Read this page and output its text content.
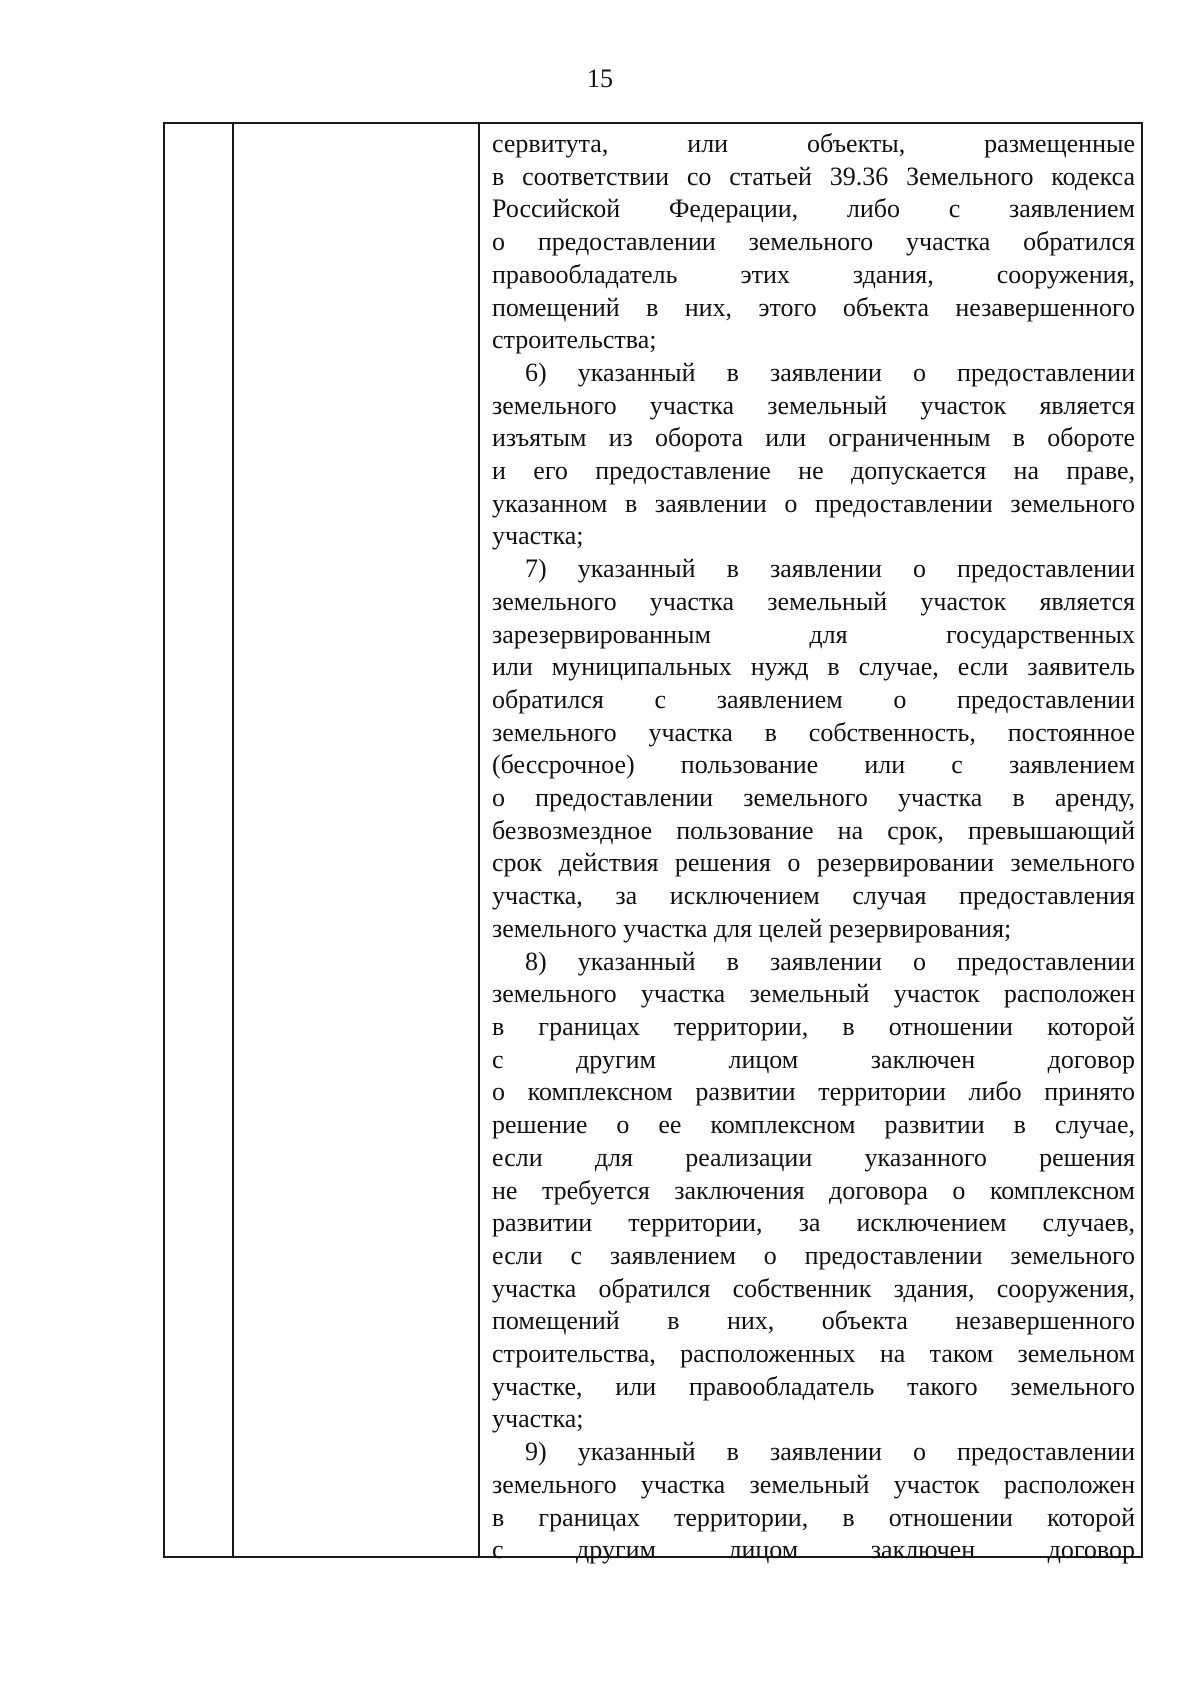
15
сервитута, или объекты, размещенные
в соответствии со статьей 39.36 Земельного кодекса
Российской Федерации, либо с заявлением
о предоставлении земельного участка обратился
правообладатель этих здания, сооружения,
помещений в них, этого объекта незавершенного
строительства;
6) указанный в заявлении о предоставлении
земельного участка земельный участок является
изъятым из оборота или ограниченным в обороте
и его предоставление не допускается на праве,
указанном в заявлении о предоставлении земельного
участка;
7) указанный в заявлении о предоставлении
земельного участка земельный участок является
зарезервированным для государственных
или муниципальных нужд в случае, если заявитель
обратился с заявлением о предоставлении
земельного участка в собственность, постоянное
(бессрочное) пользование или с заявлением
о предоставлении земельного участка в аренду,
безвозмездное пользование на срок, превышающий
срок действия решения о резервировании земельного
участка, за исключением случая предоставления
земельного участка для целей резервирования;
8) указанный в заявлении о предоставлении
земельного участка земельный участок расположен
в границах территории, в отношении которой
с другим лицом заключен договор
о комплексном развитии территории либо принято
решение о ее комплексном развитии в случае,
если для реализации указанного решения
не требуется заключения договора о комплексном
развитии территории, за исключением случаев,
если с заявлением о предоставлении земельного
участка обратился собственник здания, сооружения,
помещений в них, объекта незавершенного
строительства, расположенных на таком земельном
участке, или правообладатель такого земельного
участка;
9) указанный в заявлении о предоставлении
земельного участка земельный участок расположен
в границах территории, в отношении которой
с другим лицом заключен договор
